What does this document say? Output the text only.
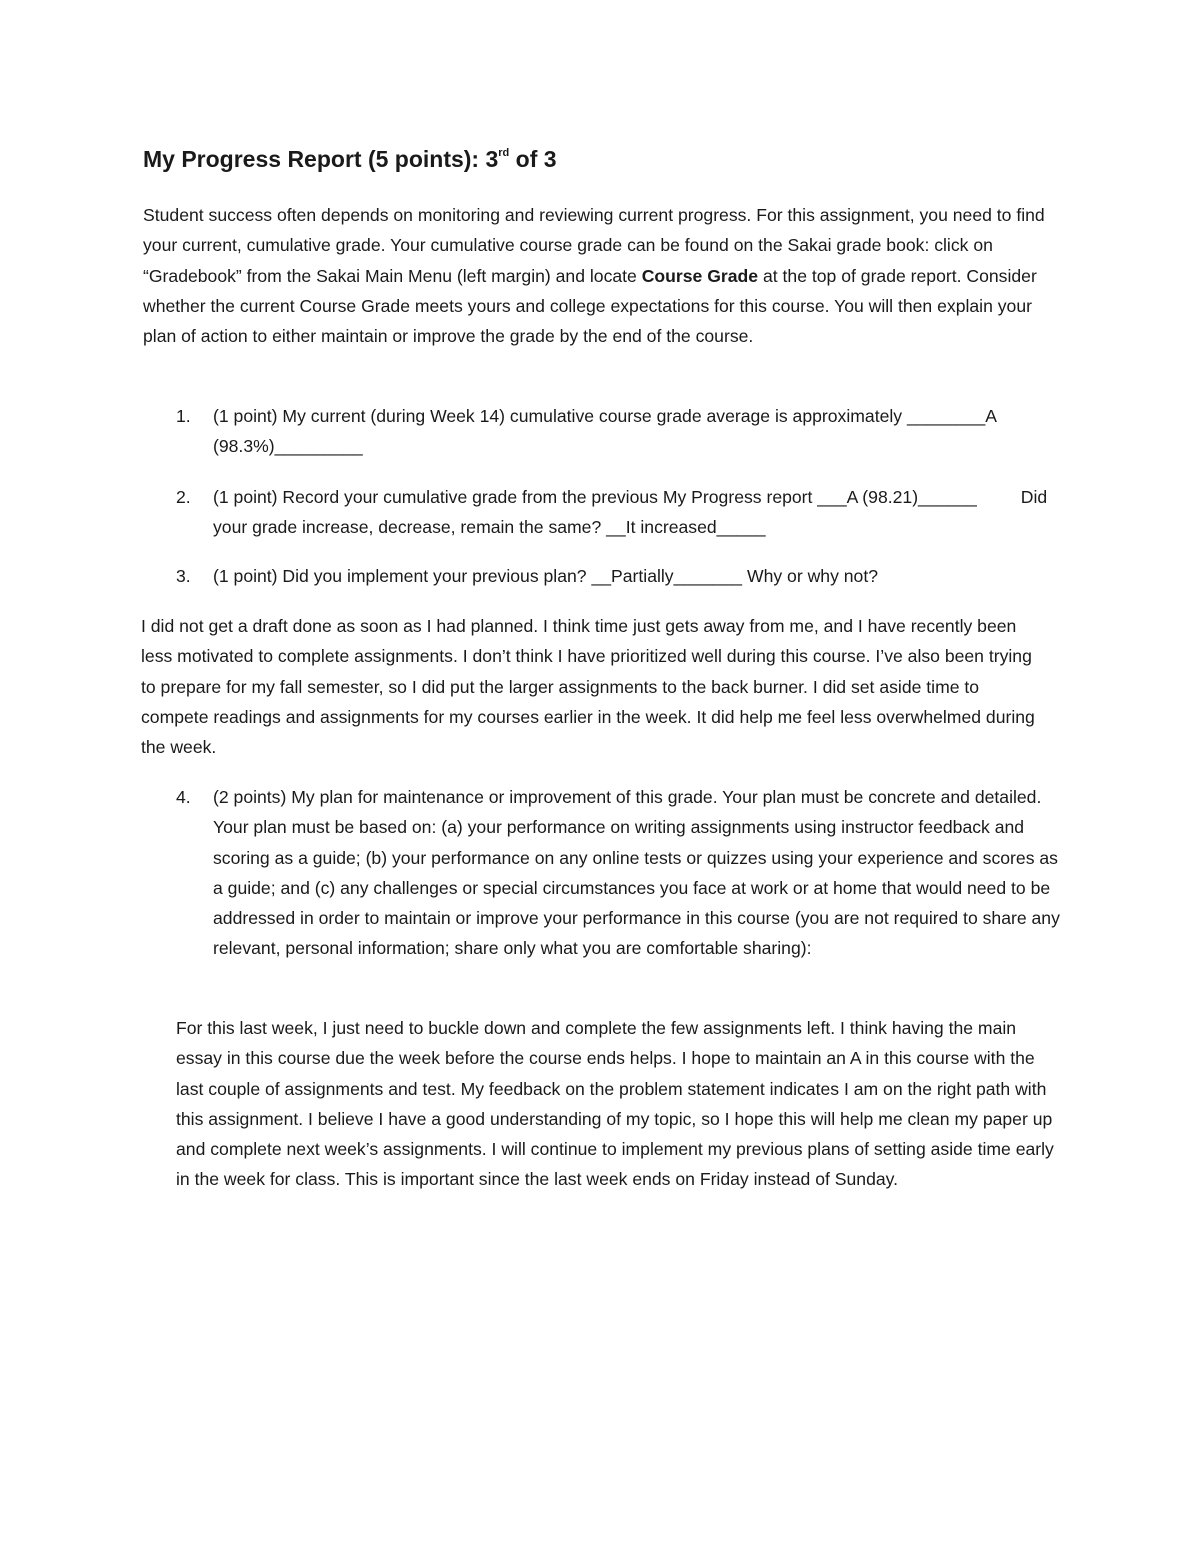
My Progress Report (5 points): 3rd of 3

Student success often depends on monitoring and reviewing current progress. For this assignment, you need to find your current, cumulative grade. Your cumulative course grade can be found on the Sakai grade book: click on “Gradebook” from the Sakai Main Menu (left margin) and locate Course Grade at the top of grade report. Consider whether the current Course Grade meets yours and college expectations for this course. You will then explain your plan of action to either maintain or improve the grade by the end of the course.

1. (1 point) My current (during Week 14) cumulative course grade average is approximately ________A (98.3%)_________
2. (1 point) Record your cumulative grade from the previous My Progress report ___A (98.21)______	Did your grade increase, decrease, remain the same? __It increased_____
3. (1 point) Did you implement your previous plan? __Partially_______ Why or why not?

I did not get a draft done as soon as I had planned. I think time just gets away from me, and I have recently been less motivated to complete assignments. I don’t think I have prioritized well during this course. I’ve also been trying to prepare for my fall semester, so I did put the larger assignments to the back burner. I did set aside time to compete readings and assignments for my courses earlier in the week. It did help me feel less overwhelmed during the week.

4. (2 points) My plan for maintenance or improvement of this grade. Your plan must be concrete and detailed. Your plan must be based on: (a) your performance on writing assignments using instructor feedback and scoring as a guide; (b) your performance on any online tests or quizzes using your experience and scores as a guide; and (c) any challenges or special circumstances you face at work or at home that would need to be addressed in order to maintain or improve your performance in this course (you are not required to share any relevant, personal information; share only what you are comfortable sharing):

For this last week, I just need to buckle down and complete the few assignments left. I think having the main essay in this course due the week before the course ends helps. I hope to maintain an A in this course with the last couple of assignments and test. My feedback on the problem statement indicates I am on the right path with this assignment. I believe I have a good understanding of my topic, so I hope this will help me clean my paper up and complete next week’s assignments. I will continue to implement my previous plans of setting aside time early in the week for class. This is important since the last week ends on Friday instead of Sunday.
